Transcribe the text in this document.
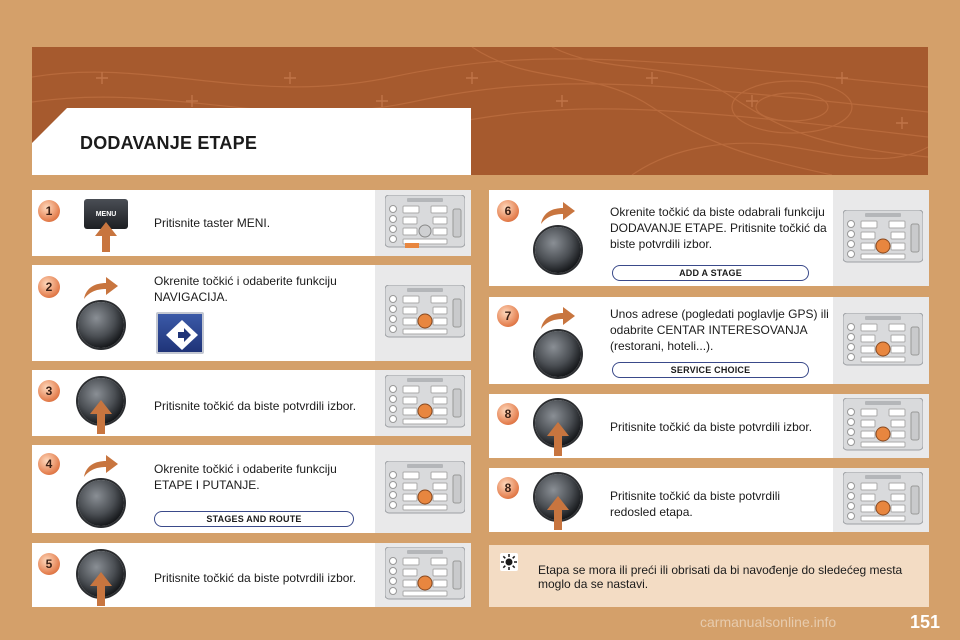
DODAVANJE ETAPE
1	MENU
Pritisnite taster MENI.
2	Okrenite točkić i odaberite funkciju NAVIGACIJA.
3
Pritisnite točkić da biste potvrdili izbor.
4	Okrenite točkić i odaberite funkciju ETAPE I PUTANJE.
STAGES AND ROUTE
5
Pritisnite točkić da biste potvrdili izbor.
6	Okrenite točkić da biste odabrali funkciju DODAVANJE ETAPE. Pritisnite točkić da biste potvrdili izbor.
ADD A STAGE
7	Unos adrese (pogledati poglavlje GPS) ili odabrite CENTAR INTERESOVANJA (restorani, hoteli...).
SERVICE CHOICE
8
Pritisnite točkić da biste potvrdili izbor.
8
Pritisnite točkić da biste potvrdili redosled etapa.
Etapa se mora ili preći ili obrisati da bi navođenje do sledećeg mesta moglo da se nastavi.
carmanualsonline.info	151
